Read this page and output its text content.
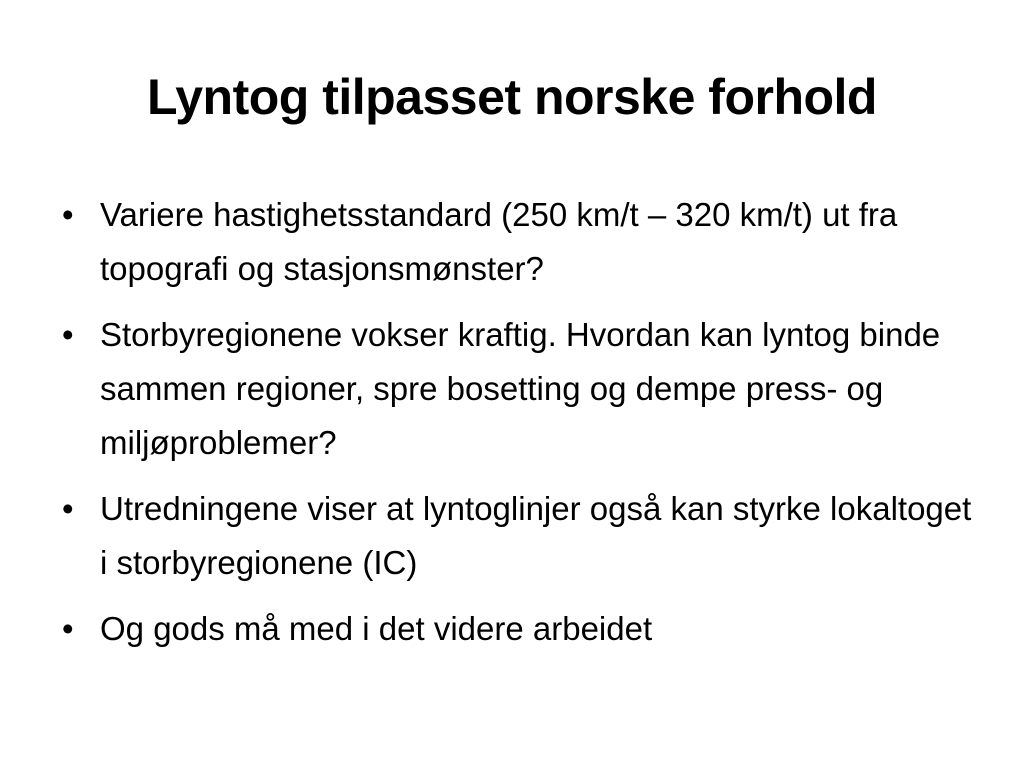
Lyntog tilpasset norske forhold
• Variere hastighetsstandard (250 km/t – 320 km/t) ut fra topografi og stasjonsmønster?
• Storbyregionene vokser kraftig. Hvordan kan lyntog binde sammen regioner, spre bosetting og dempe press- og miljøproblemer?
• Utredningene viser at lyntoglinjer også kan styrke lokaltoget i storbyregionene (IC)
• Og gods må med i det videre arbeidet
